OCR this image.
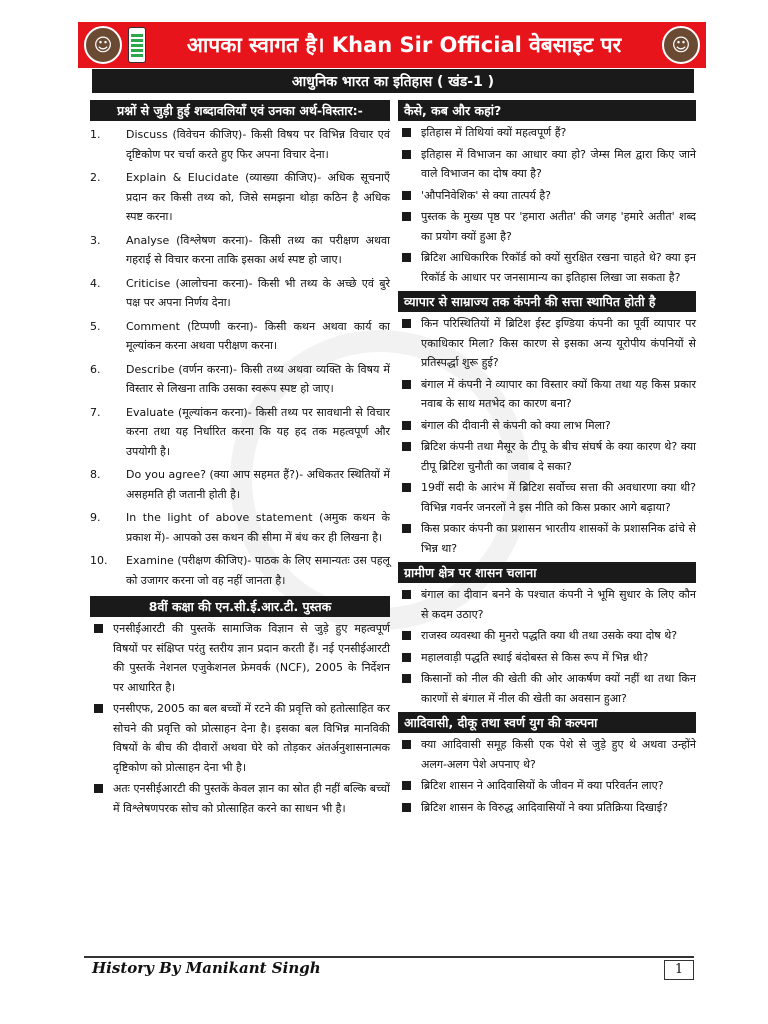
☺	आपका स्वागत है। Khan Sir Official वेबसाइट पर	☺
आधुनिक भारत का इतिहास ( खंड-1 )
प्रश्नों से जुड़ी हुई शब्दावलियाँ एवं उनका अर्थ-विस्तार:-
1.	Discuss (विवेचन कीजिए)- किसी विषय पर विभिन्न विचार एवं दृष्टिकोण पर चर्चा करते हुए फिर अपना विचार देना।
2.	Explain & Elucidate (व्याख्या कीजिए)- अधिक सूचनाएँ प्रदान कर किसी तथ्य को, जिसे समझना थोड़ा कठिन है अधिक स्पष्ट करना।
3.	Analyse (विश्लेषण करना)- किसी तथ्य का परीक्षण अथवा गहराई से विचार करना ताकि इसका अर्थ स्पष्ट हो जाए।
4.	Criticise (आलोचना करना)- किसी भी तथ्य के अच्छे एवं बुरे पक्ष पर अपना निर्णय देना।
5.	Comment (टिप्पणी करना)- किसी कथन अथवा कार्य का मूल्यांकन करना अथवा परीक्षण करना।
6.	Describe (वर्णन करना)- किसी तथ्य अथवा व्यक्ति के विषय में विस्तार से लिखना ताकि उसका स्वरूप स्पष्ट हो जाए।
7.	Evaluate (मूल्यांकन करना)- किसी तथ्य पर सावधानी से विचार करना तथा यह निर्धारित करना कि यह हद तक महत्वपूर्ण और उपयोगी है।
8.	Do you agree? (क्या आप सहमत हैं?)- अधिकतर स्थितियों में असहमति ही जतानी होती है।
9.	In the light of above statement (अमुक कथन के प्रकाश में)- आपको उस कथन की सीमा में बंध कर ही लिखना है।
10.	Examine (परीक्षण कीजिए)- पाठक के लिए समान्यतः उस पहलू को उजागर करना जो वह नहीं जानता है।
8वीं कक्षा की एन.सी.ई.आर.टी. पुस्तक
एनसीईआरटी की पुस्तकें सामाजिक विज्ञान से जुड़े हुए महत्वपूर्ण विषयों पर संक्षिप्त परंतु स्तरीय ज्ञान प्रदान करती हैं। नई एनसीईआरटी की पुस्तकें नेशनल एजुकेशनल फ्रेमवर्क (NCF), 2005 के निर्देशन पर आधारित है।
एनसीएफ, 2005 का बल बच्चों में रटने की प्रवृत्ति को हतोत्साहित कर सोचने की प्रवृत्ति को प्रोत्साहन देना है। इसका बल विभिन्न मानविकी विषयों के बीच की दीवारों अथवा घेरे को तोड़कर अंतर्अनुशासनात्मक दृष्टिकोण को प्रोत्साहन देना भी है।
अतः एनसीईआरटी की पुस्तकें केवल ज्ञान का स्रोत ही नहीं बल्कि बच्चों में विश्लेषणपरक सोच को प्रोत्साहित करने का साधन भी है।
कैसे, कब और कहां?
इतिहास में तिथियां क्यों महत्वपूर्ण हैं?
इतिहास में विभाजन का आधार क्या हो? जेम्स मिल द्वारा किए जाने वाले विभाजन का दोष क्या है?
'औपनिवेशिक' से क्या तात्पर्य है?
पुस्तक के मुख्य पृष्ठ पर 'हमारा अतीत' की जगह 'हमारे अतीत' शब्द का प्रयोग क्यों हुआ है?
ब्रिटिश आधिकारिक रिकॉर्ड को क्यों सुरक्षित रखना चाहते थे? क्या इन रिकॉर्ड के आधार पर जनसामान्य का इतिहास लिखा जा सकता है?
व्यापार से साम्राज्य तक कंपनी की सत्ता स्थापित होती है
किन परिस्थितियों में ब्रिटिश ईस्ट इण्डिया कंपनी का पूर्वी व्यापार पर एकाधिकार मिला? किस कारण से इसका अन्य यूरोपीय कंपनियों से प्रतिस्पर्द्धा शुरू हुई?
बंगाल में कंपनी ने व्यापार का विस्तार क्यों किया तथा यह किस प्रकार नवाब के साथ मतभेद का कारण बना?
बंगाल की दीवानी से कंपनी को क्या लाभ मिला?
ब्रिटिश कंपनी तथा मैसूर के टीपू के बीच संघर्ष के क्या कारण थे? क्या टीपू ब्रिटिश चुनौती का जवाब दे सका?
19वीं सदी के आरंभ में ब्रिटिश सर्वोच्च सत्ता की अवधारणा क्या थी? विभिन्न गवर्नर जनरलों ने इस नीति को किस प्रकार आगे बढ़ाया?
किस प्रकार कंपनी का प्रशासन भारतीय शासकों के प्रशासनिक ढांचे से भिन्न था?
ग्रामीण क्षेत्र पर शासन चलाना
बंगाल का दीवान बनने के पश्चात कंपनी ने भूमि सुधार के लिए कौन से कदम उठाए?
राजस्व व्यवस्था की मुनरो पद्धति क्या थी तथा उसके क्या दोष थे?
महालवाड़ी पद्धति स्थाई बंदोबस्त से किस रूप में भिन्न थी?
किसानों को नील की खेती की ओर आकर्षण क्यों नहीं था तथा किन कारणों से बंगाल में नील की खेती का अवसान हुआ?
आदिवासी, दीकू तथा स्वर्ण युग की कल्पना
क्या आदिवासी समूह किसी एक पेशे से जुड़े हुए थे अथवा उन्होंने अलग-अलग पेशे अपनाए थे?
ब्रिटिश शासन ने आदिवासियों के जीवन में क्या परिवर्तन लाए?
ब्रिटिश शासन के विरुद्ध आदिवासियों ने क्या प्रतिक्रिया दिखाई?
History By Manikant Singh	1
